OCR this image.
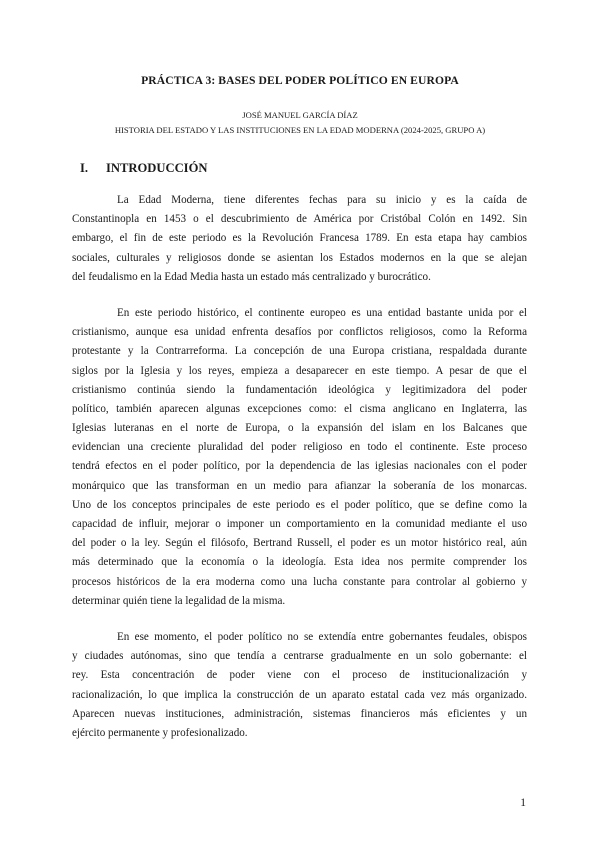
PRÁCTICA 3: BASES DEL PODER POLÍTICO EN EUROPA
JOSÉ MANUEL GARCÍA DÍAZ
HISTORIA DEL ESTADO Y LAS INSTITUCIONES EN LA EDAD MODERNA (2024-2025, GRUPO A)
I. INTRODUCCIÓN
La Edad Moderna, tiene diferentes fechas para su inicio y es la caída de
Constantinopla en 1453 o el descubrimiento de América por Cristóbal Colón en 1492. Sin
embargo, el fin de este periodo es la Revolución Francesa 1789. En esta etapa hay cambios
sociales, culturales y religiosos donde se asientan los Estados modernos en la que se alejan
del feudalismo en la Edad Media hasta un estado más centralizado y burocrático.
En este periodo histórico, el continente europeo es una entidad bastante unida por el
cristianismo, aunque esa unidad enfrenta desafíos por conflictos religiosos, como la Reforma
protestante y la Contrarreforma. La concepción de una Europa cristiana, respaldada durante
siglos por la Iglesia y los reyes, empieza a desaparecer en este tiempo. A pesar de que el
cristianismo continúa siendo la fundamentación ideológica y legitimizadora del poder
político, también aparecen algunas excepciones como: el cisma anglicano en Inglaterra, las
Iglesias luteranas en el norte de Europa, o la expansión del islam en los Balcanes que
evidencian una creciente pluralidad del poder religioso en todo el continente. Este proceso
tendrá efectos en el poder político, por la dependencia de las iglesias nacionales con el poder
monárquico que las transforman en un medio para afianzar la soberanía de los monarcas.
Uno de los conceptos principales de este periodo es el poder político, que se define como la
capacidad de influir, mejorar o imponer un comportamiento en la comunidad mediante el uso
del poder o la ley. Según el filósofo, Bertrand Russell, el poder es un motor histórico real, aún
más determinado que la economía o la ideología. Esta idea nos permite comprender los
procesos históricos de la era moderna como una lucha constante para controlar al gobierno y
determinar quién tiene la legalidad de la misma.
En ese momento, el poder político no se extendía entre gobernantes feudales, obispos
y ciudades autónomas, sino que tendía a centrarse gradualmente en un solo gobernante: el
rey. Esta concentración de poder viene con el proceso de institucionalización y
racionalización, lo que implica la construcción de un aparato estatal cada vez más organizado.
Aparecen nuevas instituciones, administración, sistemas financieros más eficientes y un
ejército permanente y profesionalizado.
1
